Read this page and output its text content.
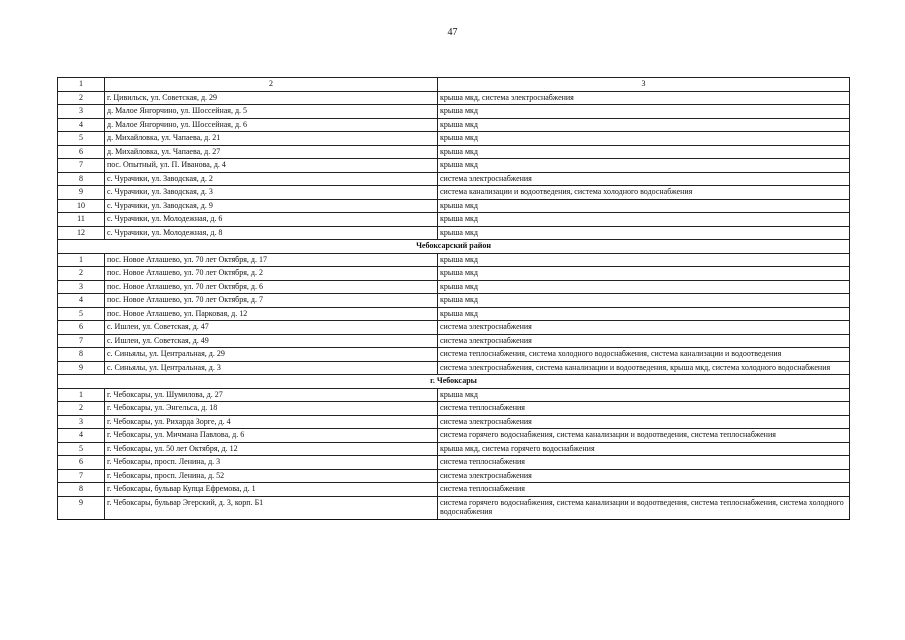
47
1	2	3
2	г. Цивильск, ул. Советская, д. 29	крыша мкд, система электроснабжения
3	д. Малое Янгорчино, ул. Шоссейная, д. 5	крыша мкд
4	д. Малое Янгорчино, ул. Шоссейная, д. 6	крыша мкд
5	д. Михайловка, ул. Чапаева, д. 21	крыша мкд
6	д. Михайловка, ул. Чапаева, д. 27	крыша мкд
7	пос. Опытный, ул. П. Иванова, д. 4	крыша мкд
8	с. Чурачики, ул. Заводская, д. 2	система электроснабжения
9	с. Чурачики, ул. Заводская, д. 3	система канализации и водоотведения, система холодного водоснабжения
10	с. Чурачики, ул. Заводская, д. 9	крыша мкд
11	с. Чурачики, ул. Молодежная, д. 6	крыша мкд
12	с. Чурачики, ул. Молодежная, д. 8	крыша мкд
Чебоксарский район		
1	пос. Новое Атлашево, ул. 70 лет Октября, д. 17	крыша мкд
2	пос. Новое Атлашево, ул. 70 лет Октября, д. 2	крыша мкд
3	пос. Новое Атлашево, ул. 70 лет Октября, д. 6	крыша мкд
4	пос. Новое Атлашево, ул. 70 лет Октября, д. 7	крыша мкд
5	пос. Новое Атлашево, ул. Парковая, д. 12	крыша мкд
6	с. Ишлеи, ул. Советская, д. 47	система электроснабжения
7	с. Ишлеи, ул. Советская, д. 49	система электроснабжения
8	с. Синьялы, ул. Центральная, д. 29	система теплоснабжения, система холодного водоснабжения, система канализации и водоотведения
9	с. Синьялы, ул. Центральная, д. 3	система электроснабжения, система канализации и водоотведения, крыша мкд, система холодного водоснабжения
г. Чебоксары		
1	г. Чебоксары, ул. Шумилова, д. 27	крыша мкд
2	г. Чебоксары, ул. Энгельса, д. 18	система теплоснабжения
3	г. Чебоксары, ул. Рихарда Зорге, д. 4	система электроснабжения
4	г. Чебоксары, ул. Мичмана Павлова, д. 6	система горячего водоснабжения, система канализации и водоотведения, система теплоснабжения
5	г. Чебоксары, ул. 50 лет Октября, д. 12	крыша мкд, система горячего водоснабжения
6	г. Чебоксары, просп. Ленина, д. 3	система теплоснабжения
7	г. Чебоксары, просп. Ленина, д. 52	система электроснабжения
8	г. Чебоксары, бульвар Купца Ефремова, д. 1	система теплоснабжения
9	г. Чебоксары, бульвар Эгерский, д. 3, корп. Б1	система горячего водоснабжения, система канализации и водоотведения, система теплоснабжения, система холодного водоснабжения
